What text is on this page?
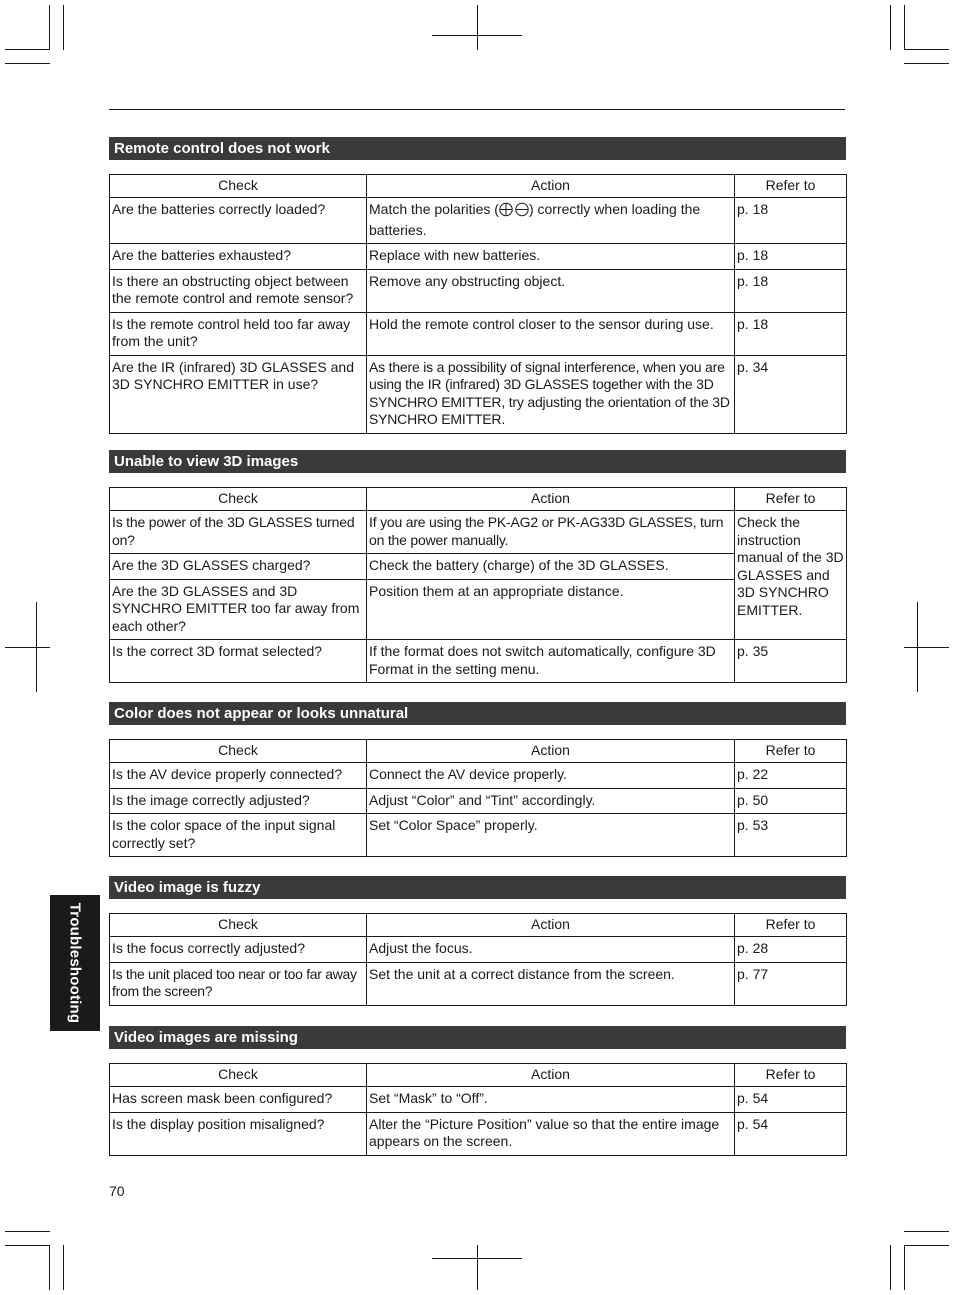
Remote control does not work
Check	Action	Refer to
Are the batteries correctly loaded?	Match the polarities ( ) correctly when loading the batteries.	p. 18
Are the batteries exhausted?	Replace with new batteries.	p. 18
Is there an obstructing object between the remote control and remote sensor?	Remove any obstructing object.	p. 18
Is the remote control held too far away from the unit?	Hold the remote control closer to the sensor during use.	p. 18
Are the IR (infrared) 3D GLASSES and 3D SYNCHRO EMITTER in use?	As there is a possibility of signal interference, when you are using the IR (infrared) 3D GLASSES together with the 3D SYNCHRO EMITTER, try adjusting the orientation of the 3D SYNCHRO EMITTER.	p. 34
Unable to view 3D images
Check	Action	Refer to
Is the power of the 3D GLASSES turned on?	If you are using the PK-AG2 or PK-AG33D GLASSES, turn on the power manually.	Check the instruction manual of the 3D GLASSES and 3D SYNCHRO EMITTER.
Are the 3D GLASSES charged?	Check the battery (charge) of the 3D GLASSES.	
Are the 3D GLASSES and 3D SYNCHRO EMITTER too far away from each other?	Position them at an appropriate distance.	
Is the correct 3D format selected?	If the format does not switch automatically, configure 3D Format in the setting menu.	p. 35
Color does not appear or looks unnatural
Check	Action	Refer to
Is the AV device properly connected?	Connect the AV device properly.	p. 22
Is the image correctly adjusted?	Adjust “Color” and “Tint” accordingly.	p. 50
Is the color space of the input signal correctly set?	Set “Color Space” properly.	p. 53
Video image is fuzzy
Check	Action	Refer to
Is the focus correctly adjusted?	Adjust the focus.	p. 28
Is the unit placed too near or too far away from the screen?	Set the unit at a correct distance from the screen.	p. 77
Video images are missing
Check	Action	Refer to
Has screen mask been configured?	Set “Mask” to “Off”.	p. 54
Is the display position misaligned?	Alter the “Picture Position” value so that the entire image appears on the screen.	p. 54
Troubleshooting
70
